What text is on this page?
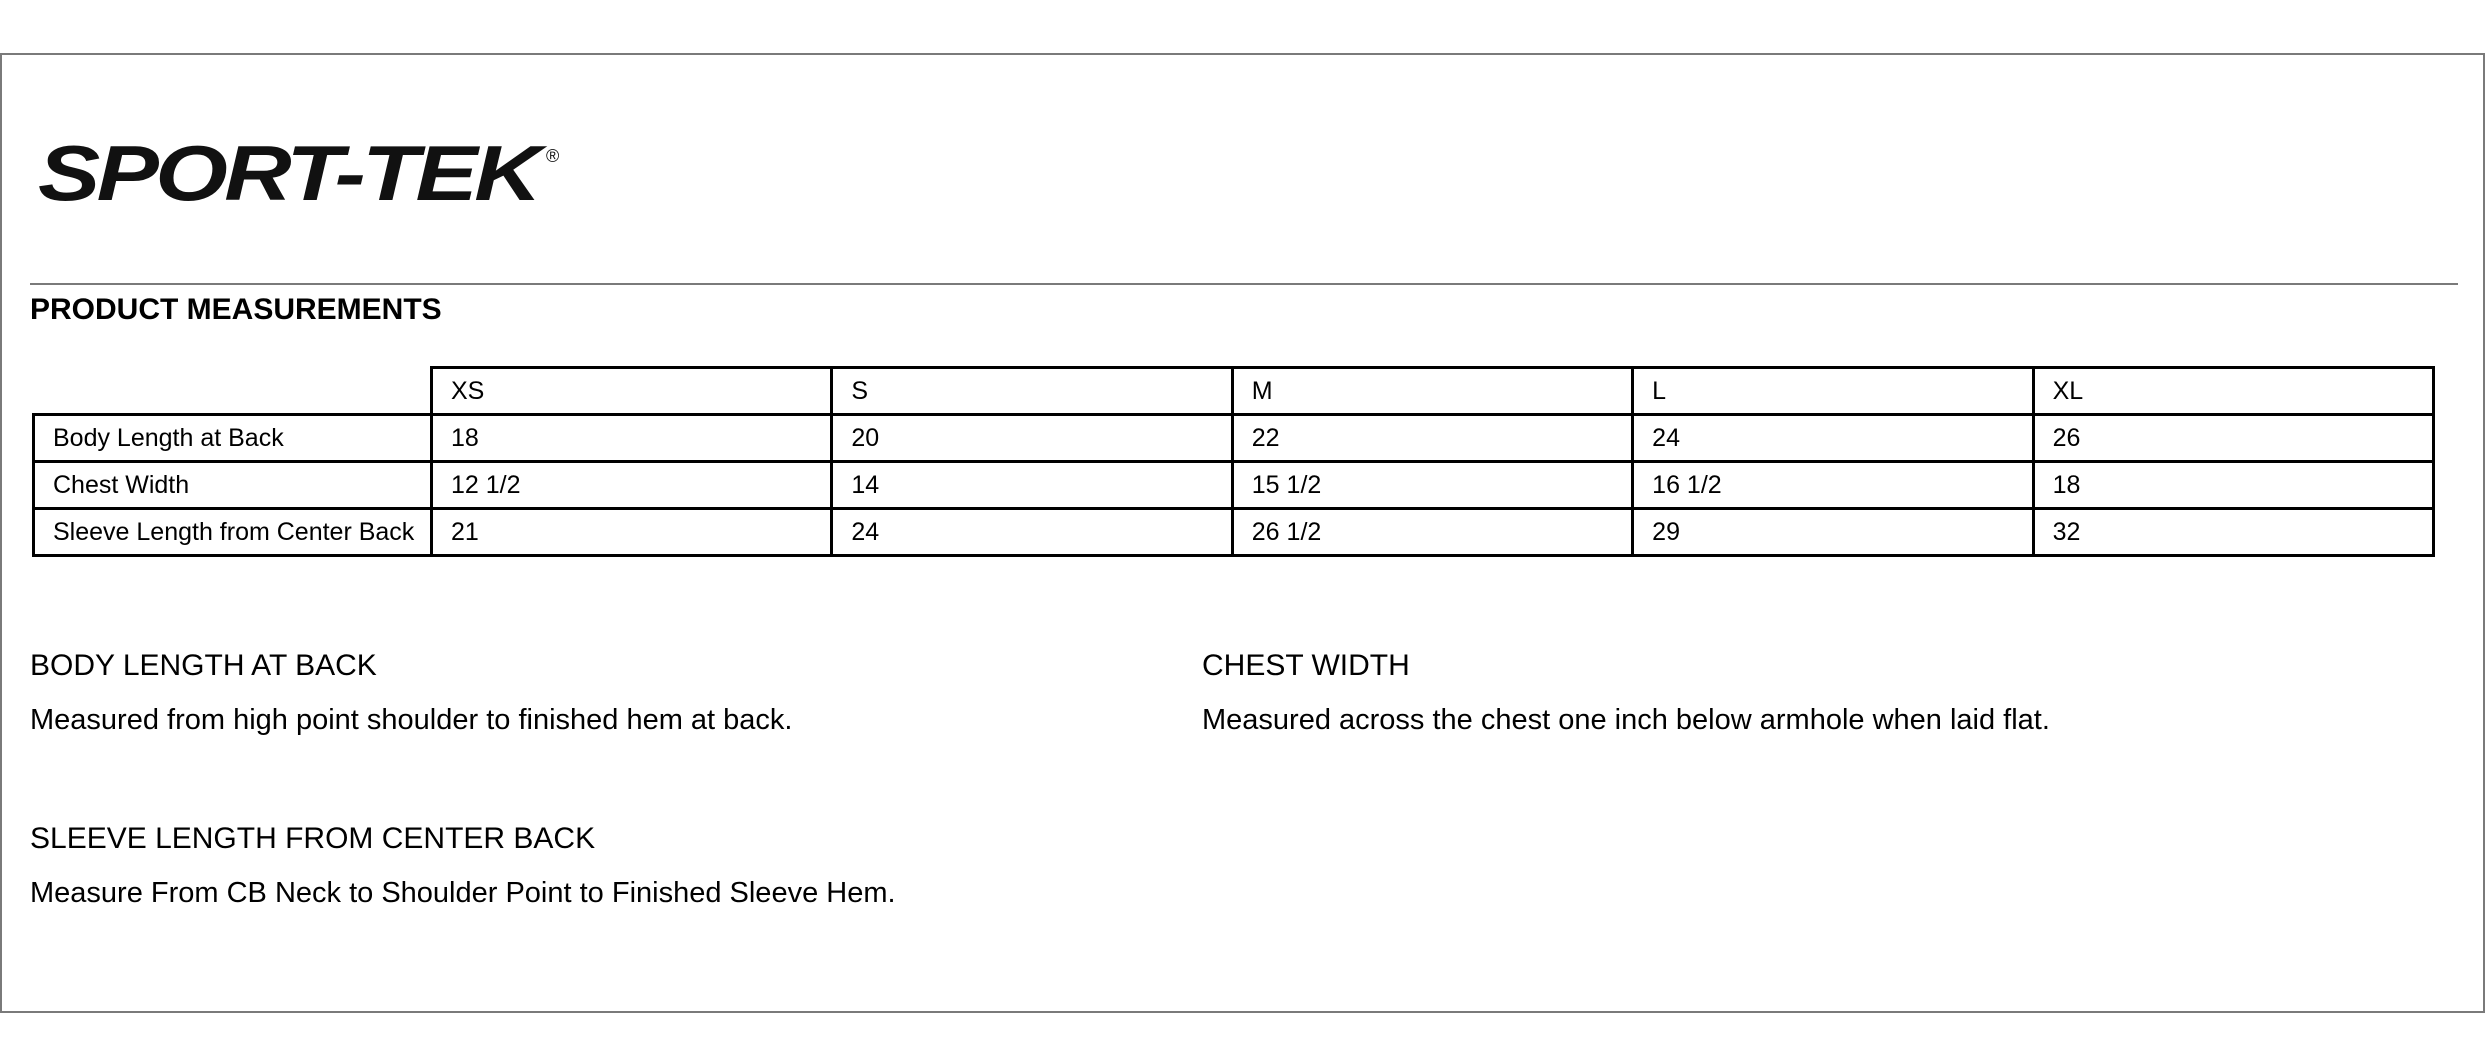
SPORT-TEK
®
PRODUCT MEASUREMENTS
	XS	S	M	L	XL
Body Length at Back	18	20	22	24	26
Chest Width	12 1/2	14	15 1/2	16 1/2	18
Sleeve Length from Center Back	21	24	26 1/2	29	32
BODY LENGTH AT BACK
Measured from high point shoulder to finished hem at back.
CHEST WIDTH
Measured across the chest one inch below armhole when laid flat.
SLEEVE LENGTH FROM CENTER BACK
Measure From CB Neck to Shoulder Point to Finished Sleeve Hem.
